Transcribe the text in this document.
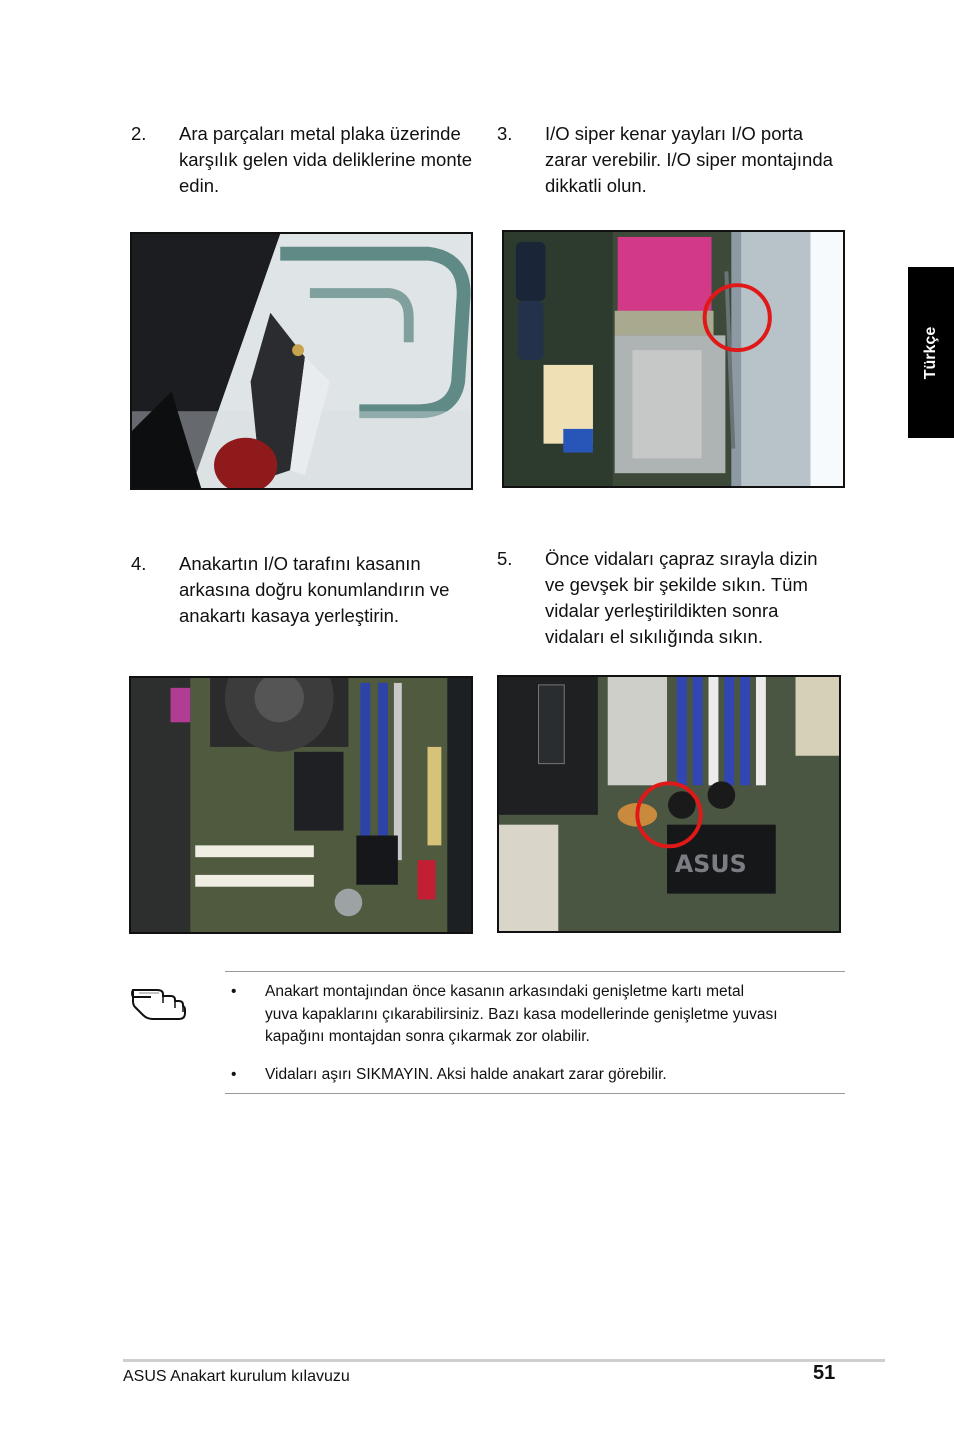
Türkçe
2. Ara parçaları metal plaka üzerinde
karşılık gelen vida deliklerine monte
edin.
3. I/O siper kenar yayları I/O porta
zarar verebilir. I/O siper montajında
dikkatli olun.
4. Anakartın I/O tarafını kasanın
arkasına doğru konumlandırın ve
anakartı kasaya yerleştirin.
5. Önce vidaları çapraz sırayla dizin
ve gevşek bir şekilde sıkın. Tüm
vidalar yerleştirildikten sonra
vidaları el sıkılığında sıkın.
ASUS
• Anakart montajından önce kasanın arkasındaki genişletme kartı metal
yuva kapaklarını çıkarabilirsiniz. Bazı kasa modellerinde genişletme yuvası
kapağını montajdan sonra çıkarmak zor olabilir.
• Vidaları aşırı SIKMAYIN. Aksi halde anakart zarar görebilir.
ASUS Anakart kurulum kılavuzu	51
